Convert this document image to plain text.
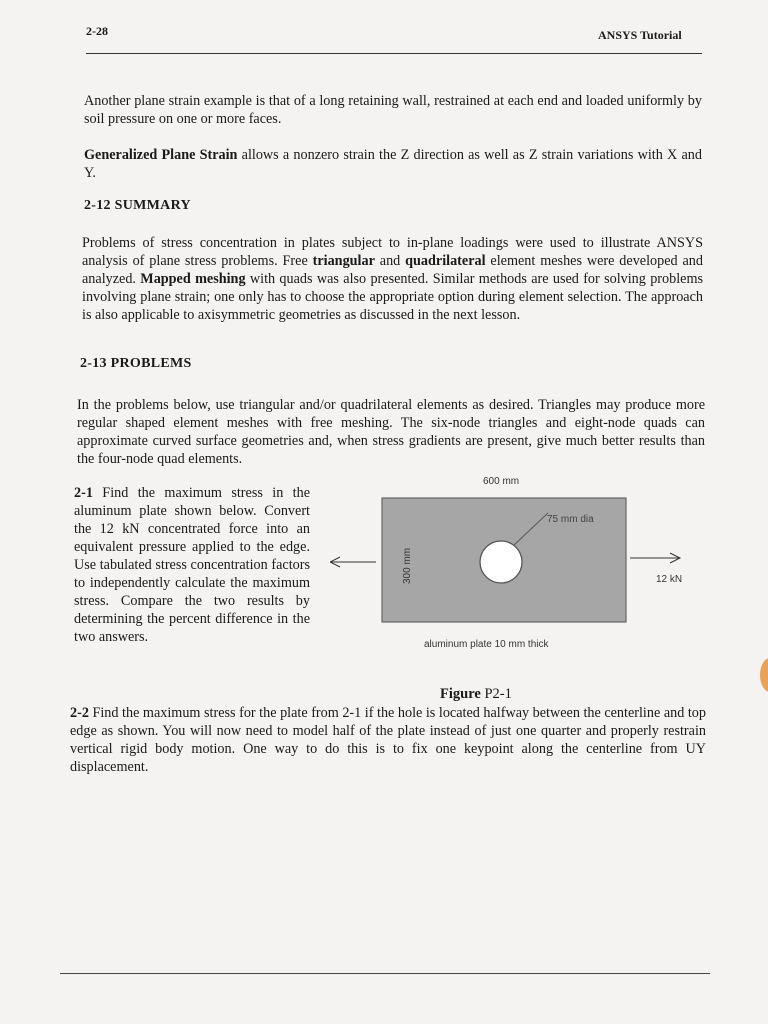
2-28	ANSYS Tutorial
Another plane strain example is that of a long retaining wall, restrained at each end and loaded uniformly by soil pressure on one or more faces.
Generalized Plane Strain allows a nonzero strain the Z direction as well as Z strain variations with X and Y.
2-12 SUMMARY
Problems of stress concentration in plates subject to in-plane loadings were used to illustrate ANSYS analysis of plane stress problems. Free triangular and quadrilateral element meshes were developed and analyzed. Mapped meshing with quads was also presented. Similar methods are used for solving problems involving plane strain; one only has to choose the appropriate option during element selection. The approach is also applicable to axisymmetric geometries as discussed in the next lesson.
2-13 PROBLEMS
In the problems below, use triangular and/or quadrilateral elements as desired. Triangles may produce more regular shaped element meshes with free meshing. The six-node triangles and eight-node quads can approximate curved surface geometries and, when stress gradients are present, give much better results than the four-node quad elements.
2-1 Find the maximum stress in the aluminum plate shown below. Convert the 12 kN concentrated force into an equivalent pressure applied to the edge. Use tabulated stress concentration factors to independently calculate the maximum stress. Compare the two results by determining the percent difference in the two answers.
600 mm
75 mm dia
300 mm	12 kN
aluminum plate 10 mm thick
Figure P2-1
2-2 Find the maximum stress for the plate from 2-1 if the hole is located halfway between the centerline and top edge as shown. You will now need to model half of the plate instead of just one quarter and properly restrain vertical rigid body motion. One way to do this is to fix one keypoint along the centerline from UY displacement.
